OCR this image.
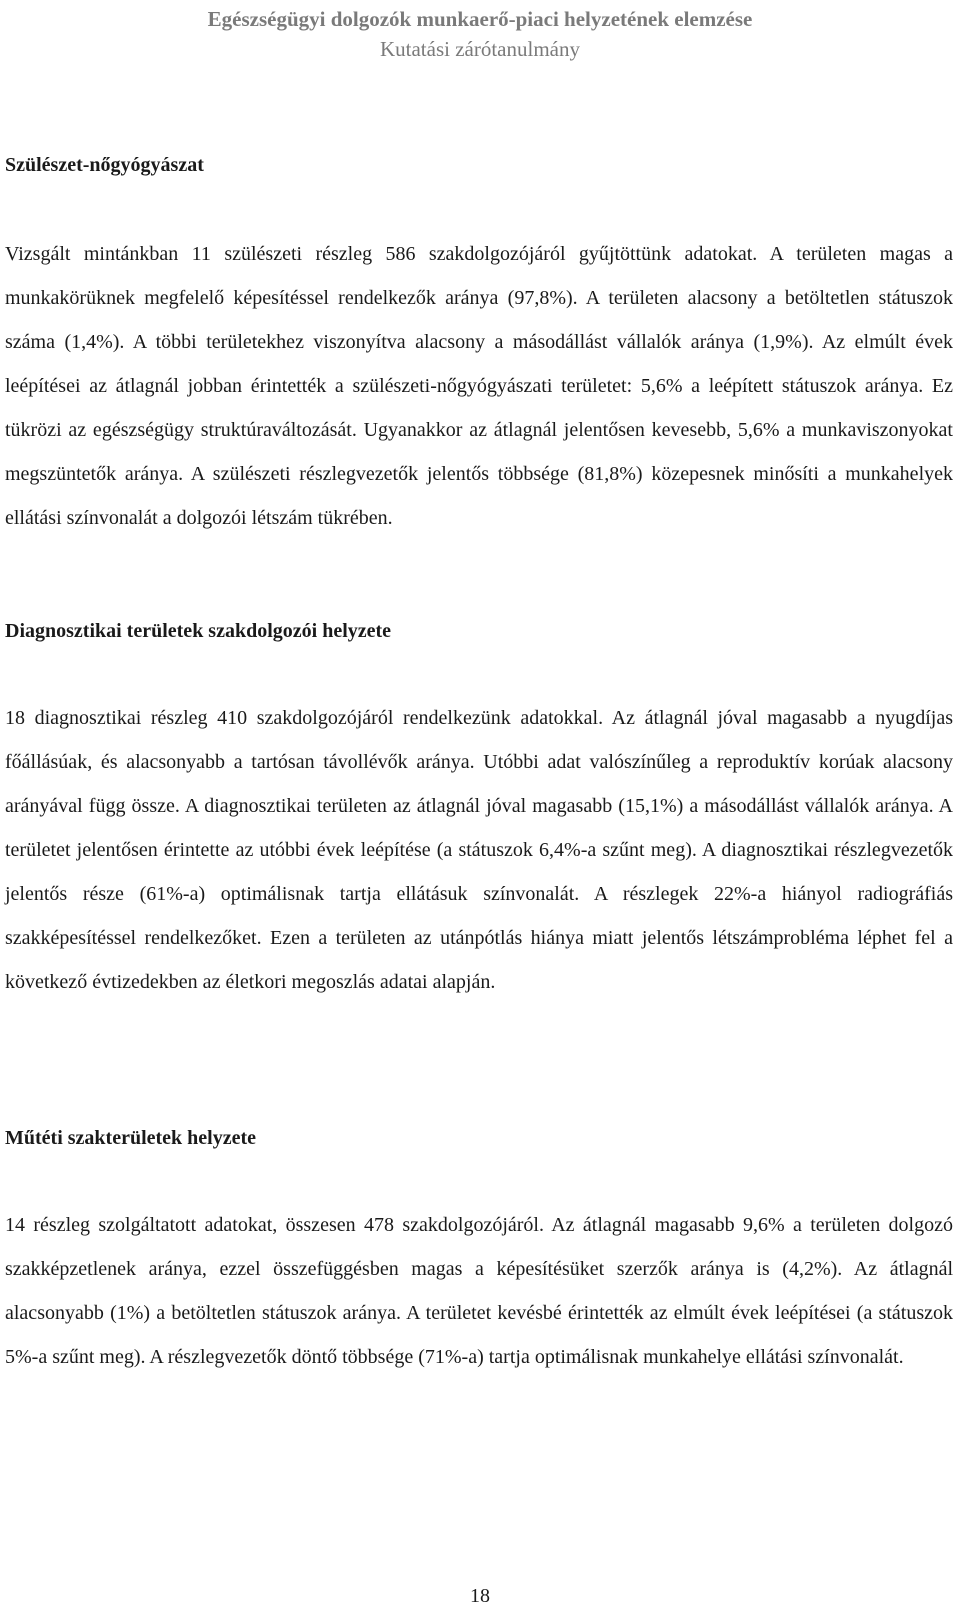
Egészségügyi dolgozók munkaerő-piaci helyzetének elemzése
Kutatási zárótanulmány
Szülészet-nőgyógyászat

Vizsgált mintánkban 11 szülészeti részleg 586 szakdolgozójáról gyűjtöttünk adatokat. A területen magas a munkakörüknek megfelelő képesítéssel rendelkezők aránya (97,8%). A területen alacsony a betöltetlen státuszok száma (1,4%). A többi területekhez viszonyítva alacsony a másodállást vállalók aránya (1,9%). Az elmúlt évek leépítései az átlagnál jobban érintették a szülészeti-nőgyógyászati területet: 5,6% a leépített státuszok aránya. Ez tükrözi az egészségügy struktúraváltozását. Ugyanakkor az átlagnál jelentősen kevesebb, 5,6% a munkaviszonyokat megszüntetők aránya. A szülészeti részlegvezetők jelentős többsége (81,8%) közepesnek minősíti a munkahelyek ellátási színvonalát a dolgozói létszám tükrében.

Diagnosztikai területek szakdolgozói helyzete

18 diagnosztikai részleg 410 szakdolgozójáról rendelkezünk adatokkal. Az átlagnál jóval magasabb a nyugdíjas főállásúak, és alacsonyabb a tartósan távollévők aránya. Utóbbi adat valószínűleg a reproduktív korúak alacsony arányával függ össze. A diagnosztikai területen az átlagnál jóval magasabb (15,1%) a másodállást vállalók aránya. A területet jelentősen érintette az utóbbi évek leépítése (a státuszok 6,4%-a szűnt meg). A diagnosztikai részlegvezetők jelentős része (61%-a) optimálisnak tartja ellátásuk színvonalát. A részlegek 22%-a hiányol radiográfiás szakképesítéssel rendelkezőket. Ezen a területen az utánpótlás hiánya miatt jelentős létszámprobléma léphet fel a következő évtizedekben az életkori megoszlás adatai alapján.

Műtéti szakterületek helyzete

14 részleg szolgáltatott adatokat, összesen 478 szakdolgozójáról. Az átlagnál magasabb 9,6% a területen dolgozó szakképzetlenek aránya, ezzel összefüggésben magas a képesítésüket szerzők aránya is (4,2%). Az átlagnál alacsonyabb (1%) a betöltetlen státuszok aránya. A területet kevésbé érintették az elmúlt évek leépítései (a státuszok 5%-a szűnt meg). A részlegvezetők döntő többsége (71%-a) tartja optimálisnak munkahelye ellátási színvonalát.

18
